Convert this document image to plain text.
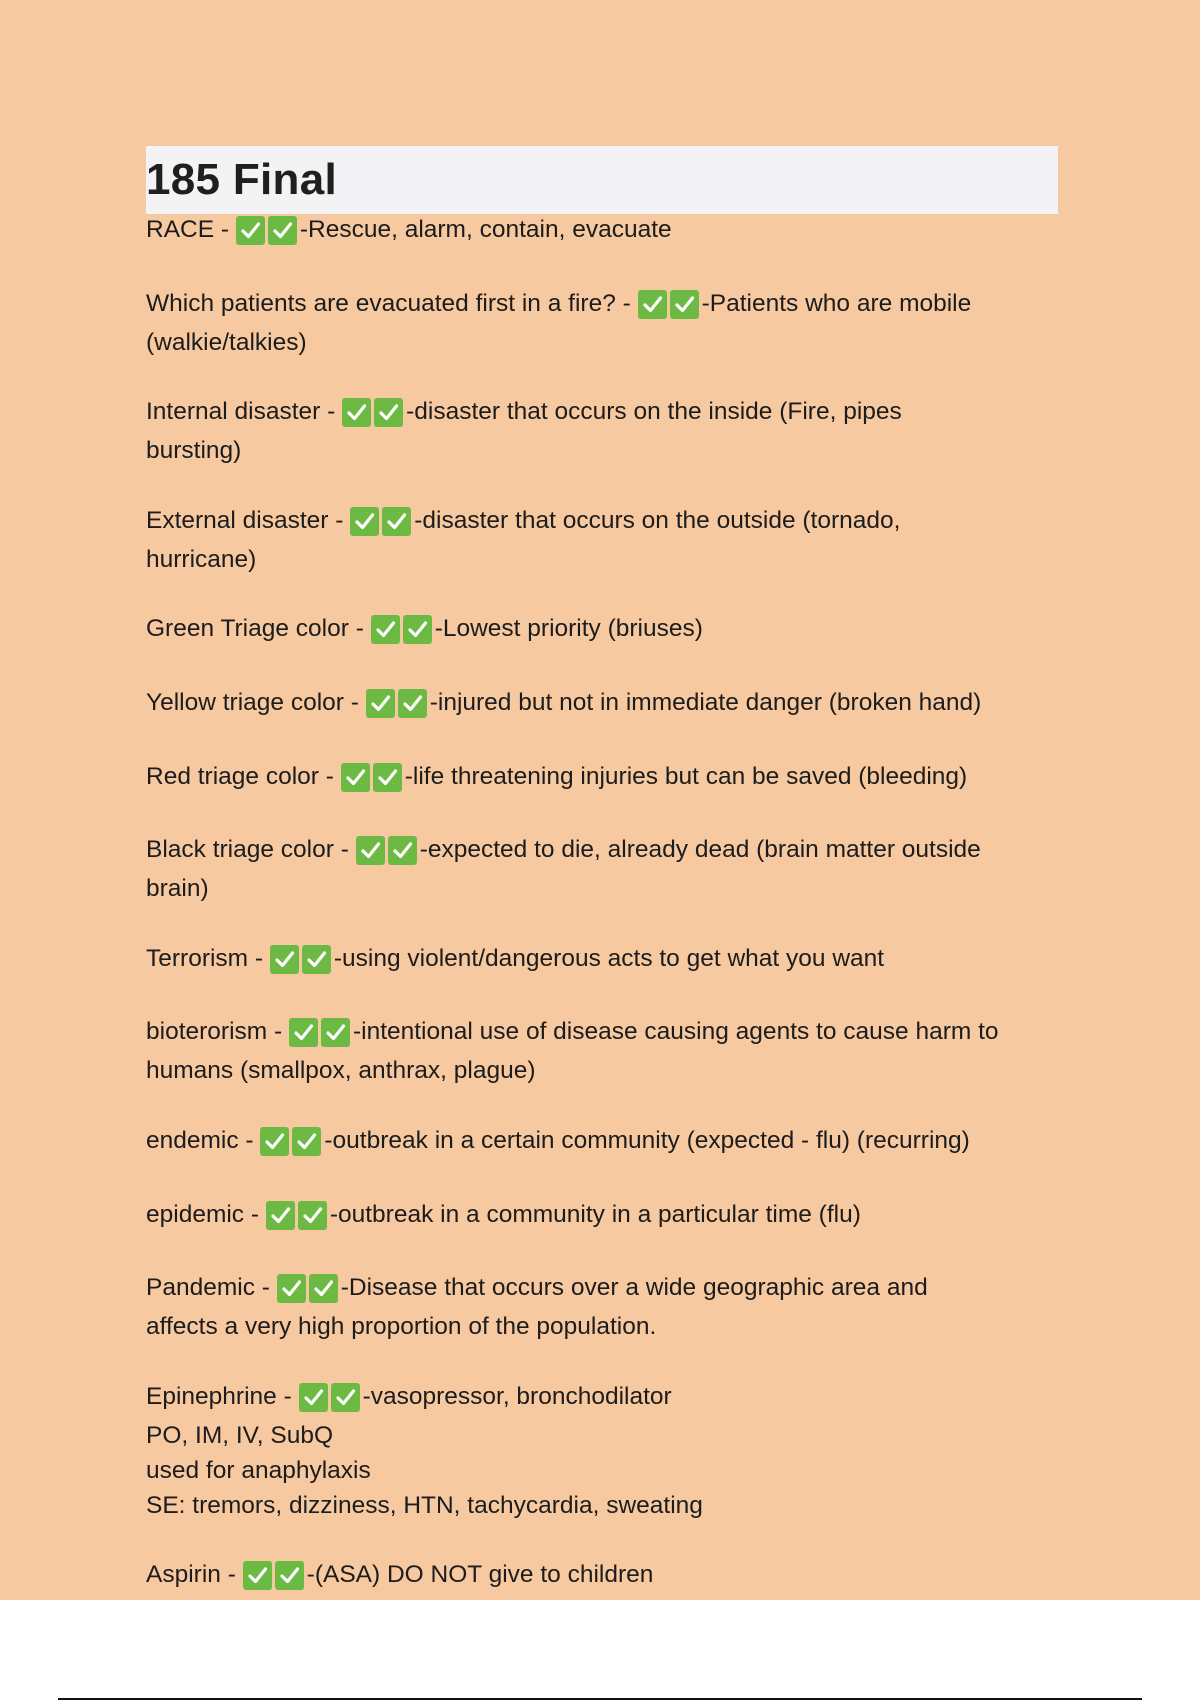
185 Final
RACE -	-Rescue, alarm, contain, evacuate
Which patients are evacuated first in a fire? -	-Patients who are mobile
(walkie/talkies)
Internal disaster -	-disaster that occurs on the inside (Fire, pipes
bursting)
External disaster -	-disaster that occurs on the outside (tornado,
hurricane)
Green Triage color -	-Lowest priority (briuses)
Yellow triage color -	-injured but not in immediate danger (broken hand)
Red triage color -	-life threatening injuries but can be saved (bleeding)
Black triage color -	-expected to die, already dead (brain matter outside
brain)
Terrorism -	-using violent/dangerous acts to get what you want
bioterorism -	-intentional use of disease causing agents to cause harm to
humans (smallpox, anthrax, plague)
endemic -	-outbreak in a certain community (expected - flu) (recurring)
epidemic -	-outbreak in a community in a particular time (flu)
Pandemic -	-Disease that occurs over a wide geographic area and
affects a very high proportion of the population.
Epinephrine -	-vasopressor, bronchodilator
PO, IM, IV, SubQ
used for anaphylaxis
SE: tremors, dizziness, HTN, tachycardia, sweating
Aspirin -	-(ASA) DO NOT give to children
